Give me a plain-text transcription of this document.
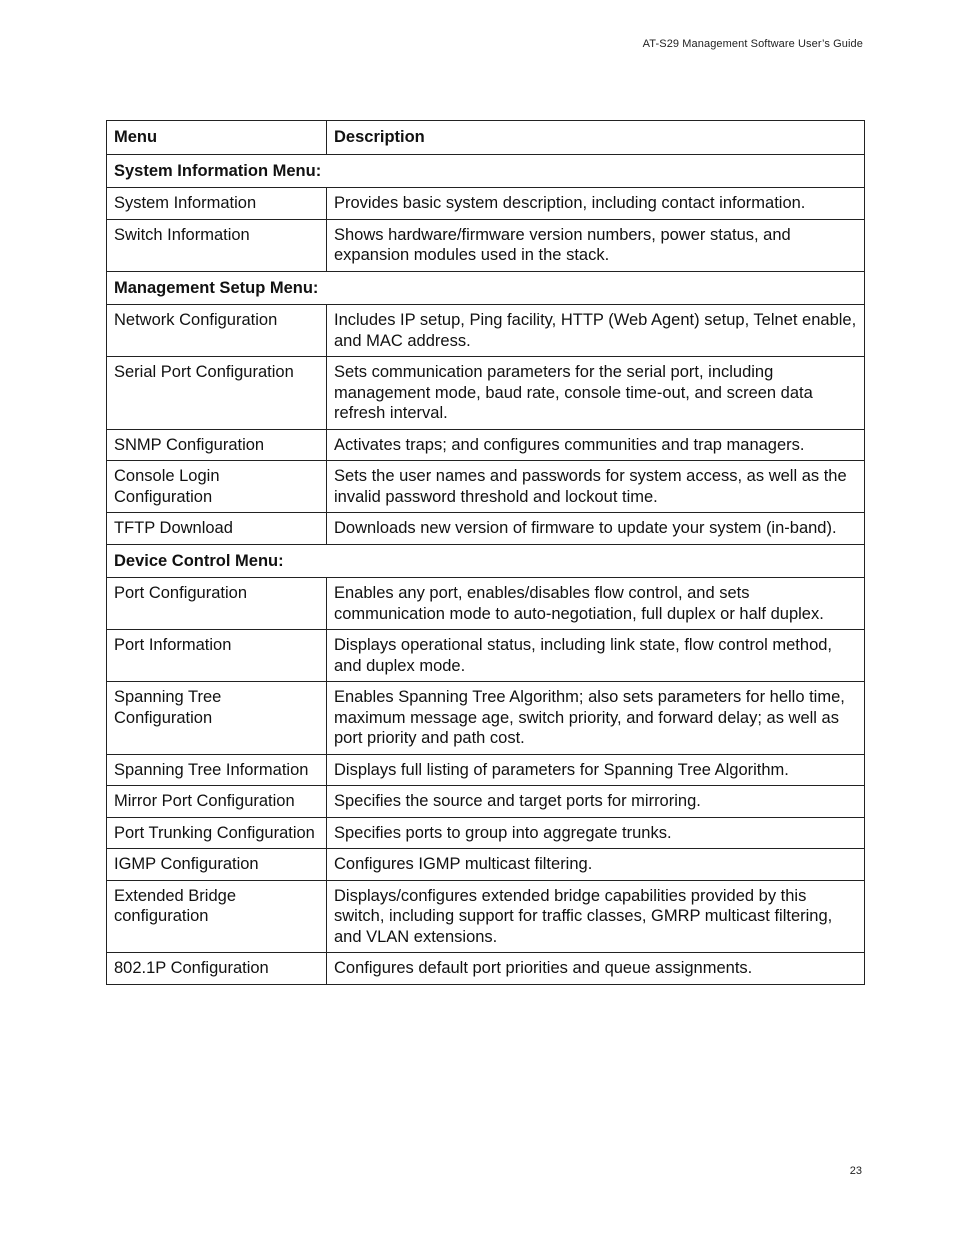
AT-S29 Management Software User’s Guide
Menu	Description
System Information Menu:	
System Information	Provides basic system description, including contact information.
Switch Information	Shows hardware/firmware version numbers, power status, and expansion modules used in the stack.
Management Setup Menu:	
Network Configuration	Includes IP setup, Ping facility, HTTP (Web Agent) setup, Telnet enable, and MAC address.
Serial Port Configuration	Sets communication parameters for the serial port, including management mode, baud rate, console time-out, and screen data refresh interval.
SNMP Configuration	Activates traps; and configures communities and trap managers.
Console Login Configuration	Sets the user names and passwords for system access, as well as the invalid password threshold and lockout time.
TFTP Download	Downloads new version of firmware to update your system (in-band).
Device Control Menu:	
Port Configuration	Enables any port, enables/disables flow control, and sets communication mode to auto-negotiation, full duplex or half duplex.
Port Information	Displays operational status, including link state, flow control method, and duplex mode.
Spanning Tree Configuration	Enables Spanning Tree Algorithm; also sets parameters for hello time, maximum message age, switch priority, and forward delay; as well as port priority and path cost.
Spanning Tree Information	Displays full listing of parameters for Spanning Tree Algorithm.
Mirror Port Configuration	Specifies the source and target ports for mirroring.
Port Trunking Configuration	Specifies ports to group into aggregate trunks.
IGMP Configuration	Configures IGMP multicast filtering.
Extended Bridge configuration	Displays/configures extended bridge capabilities provided by this switch, including support for traffic classes, GMRP multicast filtering, and VLAN extensions.
802.1P Configuration	Configures default port priorities and queue assignments.
23
